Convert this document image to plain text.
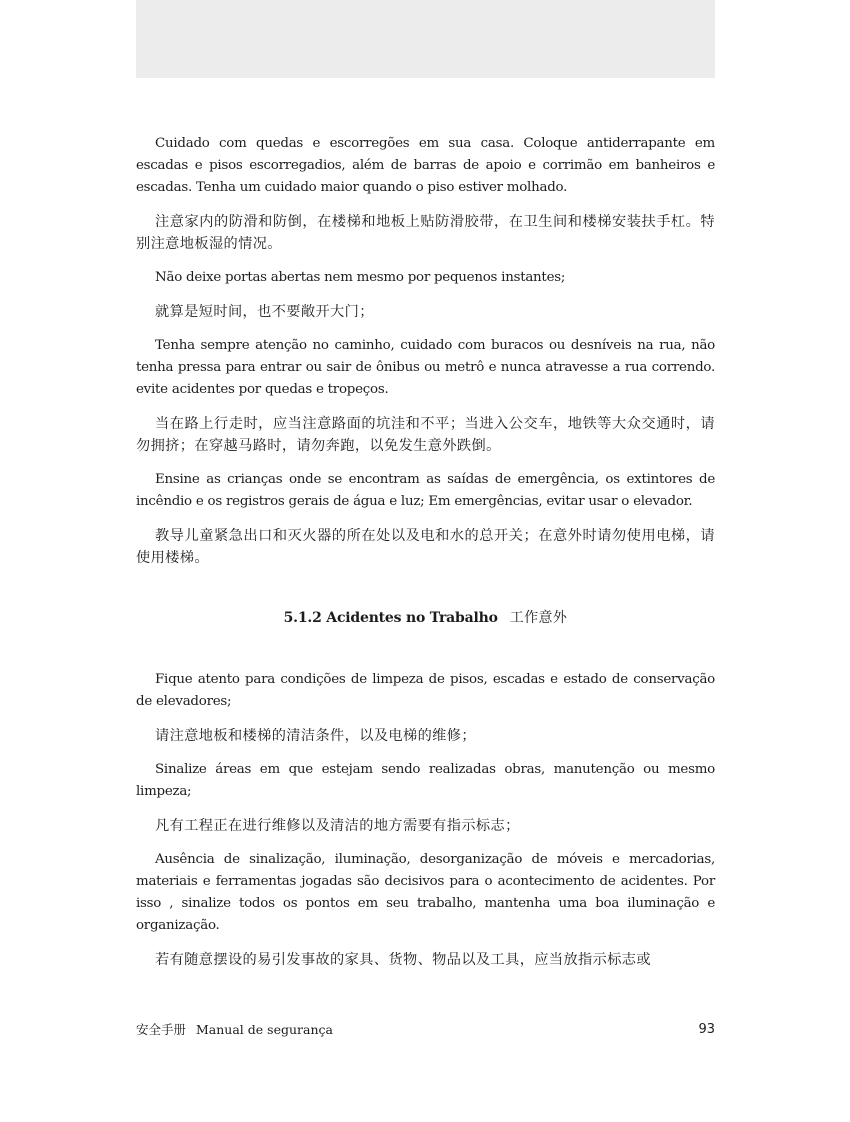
Cuidado com quedas e escorregões em sua casa. Coloque antiderrapante em escadas e pisos escorregadios, além de barras de apoio e corrimão em banheiros e escadas. Tenha um cuidado maior quando o piso estiver molhado.

注意家内的防滑和防倒，在楼梯和地板上贴防滑胶带，在卫生间和楼梯安装扶手杠。特别注意地板湿的情况。

Não deixe portas abertas nem mesmo por pequenos instantes;

就算是短时间，也不要敞开大门；

Tenha sempre atenção no caminho, cuidado com buracos ou desníveis na rua, não tenha pressa para entrar ou sair de ônibus ou metrô e nunca atravesse a rua correndo. evite acidentes por quedas e tropeços.

当在路上行走时，应当注意路面的坑洼和不平；当进入公交车，地铁等大众交通时，请勿拥挤；在穿越马路时，请勿奔跑，以免发生意外跌倒。

Ensine as crianças onde se encontram as saídas de emergência, os extintores de incêndio e os registros gerais de água e luz; Em emergências, evitar usar o elevador.

教导儿童紧急出口和灭火器的所在处以及电和水的总开关；在意外时请勿使用电梯，请使用楼梯。

5.1.2 Acidentes no Trabalho 工作意外

Fique atento para condições de limpeza de pisos, escadas e estado de conservação de elevadores;

请注意地板和楼梯的清洁条件，以及电梯的维修；

Sinalize áreas em que estejam sendo realizadas obras, manutenção ou mesmo limpeza;

凡有工程正在进行维修以及清洁的地方需要有指示标志；

Ausência de sinalização, iluminação, desorganização de móveis e mercadorias, materiais e ferramentas jogadas são decisivos para o acontecimento de acidentes. Por isso , sinalize todos os pontos em seu trabalho, mantenha uma boa iluminação e organização.

若有随意摆设的易引发事故的家具、货物、物品以及工具，应当放指示标志或

安全手册 Manual de segurança	93
